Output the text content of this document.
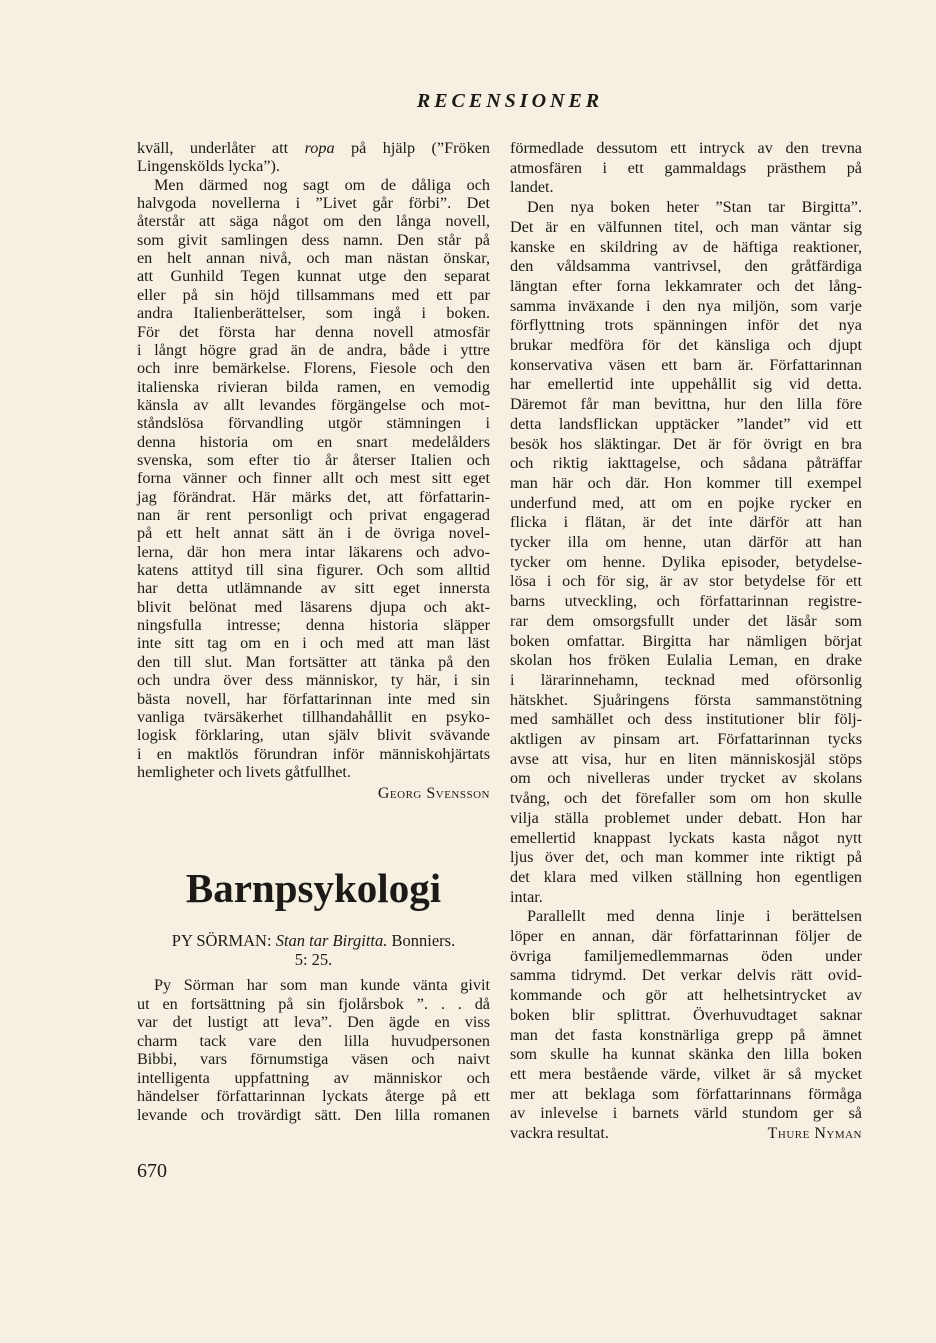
RECENSIONER
kväll, underlåter att ropa på hjälp (”Fröken
Lingenskölds lycka”).
Men därmed nog sagt om de dåliga och
halvgoda novellerna i ”Livet går förbi”. Det
återstår att säga något om den långa novell,
som givit samlingen dess namn. Den står på
en helt annan nivå, och man nästan önskar,
att Gunhild Tegen kunnat utge den separat
eller på sin höjd tillsammans med ett par
andra Italienberättelser, som ingå i boken.
För det första har denna novell atmosfär
i långt högre grad än de andra, både i yttre
och inre bemärkelse. Florens, Fiesole och den
italienska rivieran bilda ramen, en vemodig
känsla av allt levandes förgängelse och mot-
ståndslösa förvandling utgör stämningen i
denna historia om en snart medelålders
svenska, som efter tio år återser Italien och
forna vänner och finner allt och mest sitt eget
jag förändrat. Här märks det, att författarin-
nan är rent personligt och privat engagerad
på ett helt annat sätt än i de övriga novel-
lerna, där hon mera intar läkarens och advo-
katens attityd till sina figurer. Och som alltid
har detta utlämnande av sitt eget innersta
blivit belönat med läsarens djupa och akt-
ningsfulla intresse; denna historia släpper
inte sitt tag om en i och med att man läst
den till slut. Man fortsätter att tänka på den
och undra över dess människor, ty här, i sin
bästa novell, har författarinnan inte med sin
vanliga tvärsäkerhet tillhandahållit en psyko-
logisk förklaring, utan själv blivit svävande
i en maktlös förundran inför människohjärtats
hemligheter och livets gåtfullhet.
Georg Svensson
Py Sörman har som man kunde vänta givit
ut en fortsättning på sin fjolårsbok ”. . . då
var det lustigt att leva”. Den ägde en viss
charm tack vare den lilla huvudpersonen
Bibbi, vars förnumstiga väsen och naivt
intelligenta uppfattning av människor och
händelser författarinnan lyckats återge på ett
levande och trovärdigt sätt. Den lilla romanen
förmedlade dessutom ett intryck av den trevna
atmosfären i ett gammaldags prästhem på
landet.
Den nya boken heter ”Stan tar Birgitta”.
Det är en välfunnen titel, och man väntar sig
kanske en skildring av de häftiga reaktioner,
den våldsamma vantrivsel, den gråtfärdiga
längtan efter forna lekkamrater och det lång-
samma inväxande i den nya miljön, som varje
förflyttning trots spänningen inför det nya
brukar medföra för det känsliga och djupt
konservativa väsen ett barn är. Författarinnan
har emellertid inte uppehållit sig vid detta.
Däremot får man bevittna, hur den lilla före
detta landsflickan upptäcker ”landet” vid ett
besök hos släktingar. Det är för övrigt en bra
och riktig iakttagelse, och sådana påträffar
man här och där. Hon kommer till exempel
underfund med, att om en pojke rycker en
flicka i flätan, är det inte därför att han
tycker illa om henne, utan därför att han
tycker om henne. Dylika episoder, betydelse-
lösa i och för sig, är av stor betydelse för ett
barns utveckling, och författarinnan registre-
rar dem omsorgsfullt under det läsår som
boken omfattar. Birgitta har nämligen börjat
skolan hos fröken Eulalia Leman, en drake
i lärarinnehamn, tecknad med oförsonlig
hätskhet. Sjuåringens första sammanstötning
med samhället och dess institutioner blir följ-
aktligen av pinsam art. Författarinnan tycks
avse att visa, hur en liten människosjäl stöps
om och nivelleras under trycket av skolans
tvång, och det förefaller som om hon skulle
vilja ställa problemet under debatt. Hon har
emellertid knappast lyckats kasta något nytt
ljus över det, och man kommer inte riktigt på
det klara med vilken ställning hon egentligen
intar.
Parallellt med denna linje i berättelsen
löper en annan, där författarinnan följer de
övriga familjemedlemmarnas öden under
samma tidrymd. Det verkar delvis rätt ovid-
kommande och gör att helhetsintrycket av
boken blir splittrat. Överhuvudtaget saknar
man det fasta konstnärliga grepp på ämnet
som skulle ha kunnat skänka den lilla boken
ett mera bestående värde, vilket är så mycket
mer att beklaga som författarinnans förmåga
av inlevelse i barnets värld stundom ger så
vackra resultat.	Thure Nyman
Barnpsykologi
PY SÖRMAN: Stan tar Birgitta. Bonniers.
5: 25.
670
